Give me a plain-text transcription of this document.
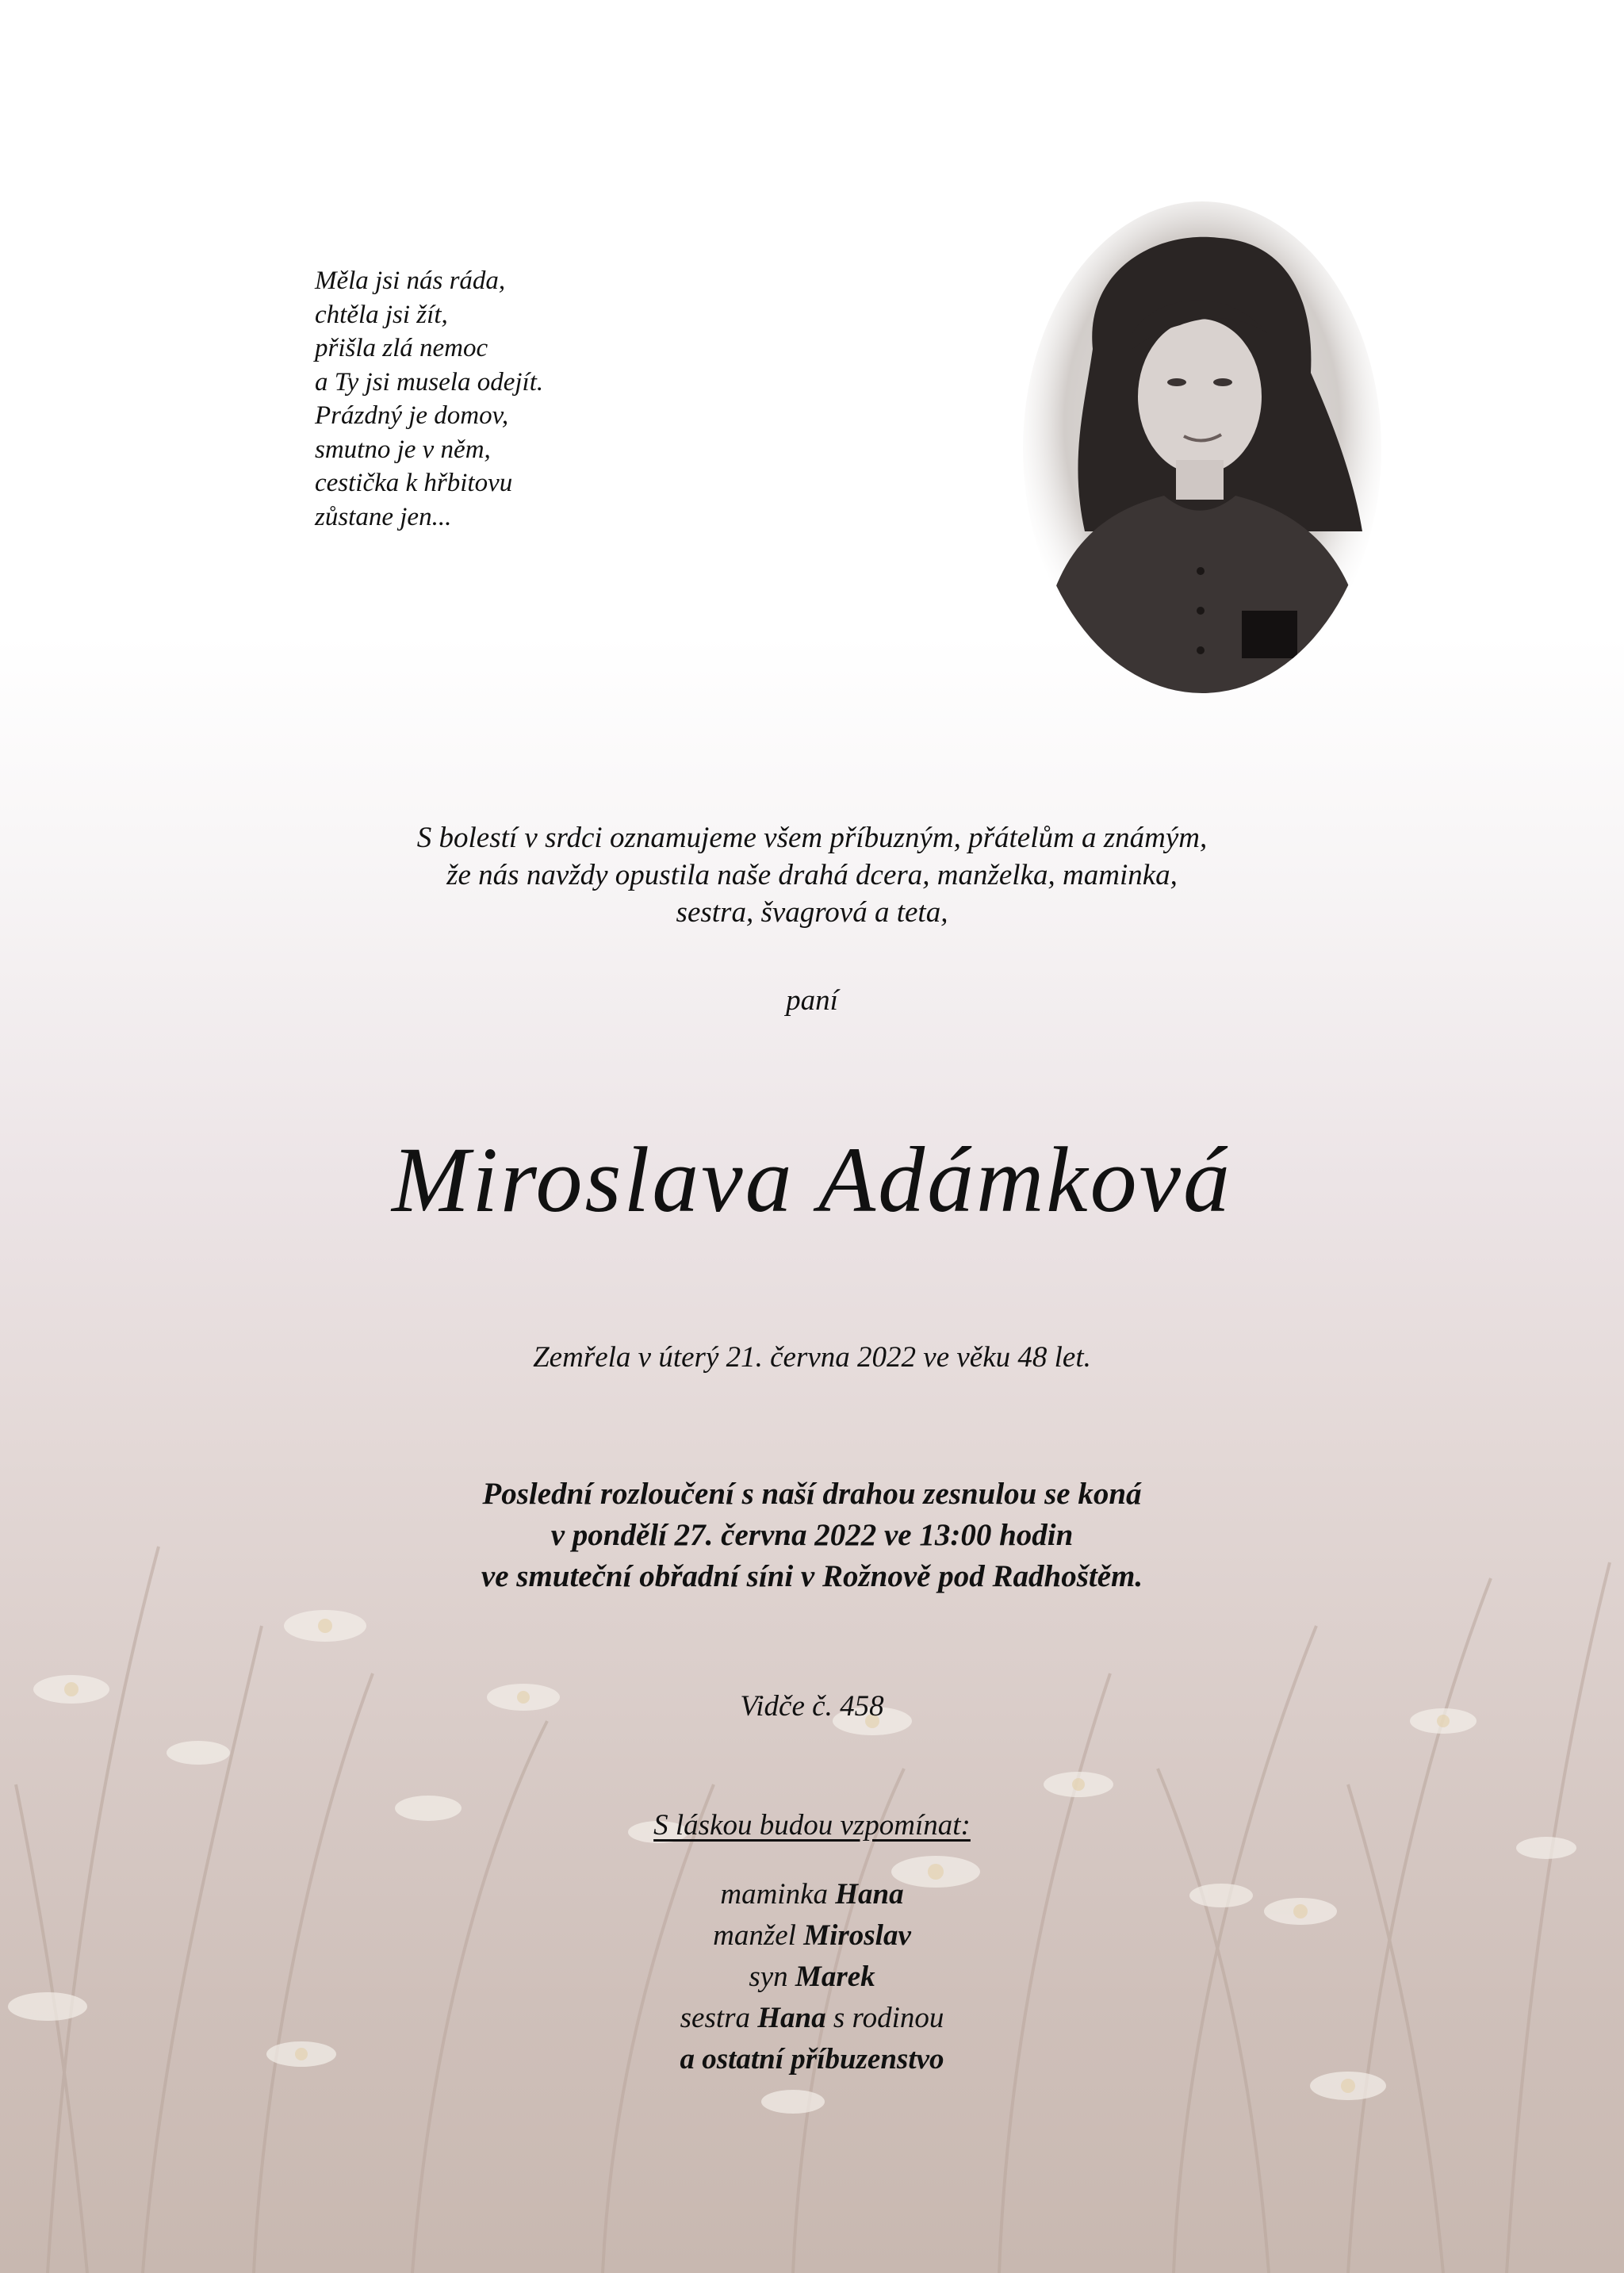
Měla jsi nás ráda,
chtěla jsi žít,
přišla zlá nemoc
a Ty jsi musela odejít.
Prázdný je domov,
smutno je v něm,
cestička k hřbitovu
zůstane jen...
S bolestí v srdci oznamujeme všem příbuzným, přátelům a známým,
že nás navždy opustila naše drahá dcera, manželka, maminka,
sestra, švagrová a teta,
paní
Miroslava Adámková
Zemřela v úterý 21. června 2022 ve věku 48 let.
Poslední rozloučení s naší drahou zesnulou se koná
v pondělí 27. června 2022 ve 13:00 hodin
ve smuteční obřadní síni v Rožnově pod Radhoštěm.
Vidče č. 458
S láskou budou vzpomínat:
maminka Hana
manžel Miroslav
syn Marek
sestra Hana s rodinou
a ostatní příbuzenstvo
